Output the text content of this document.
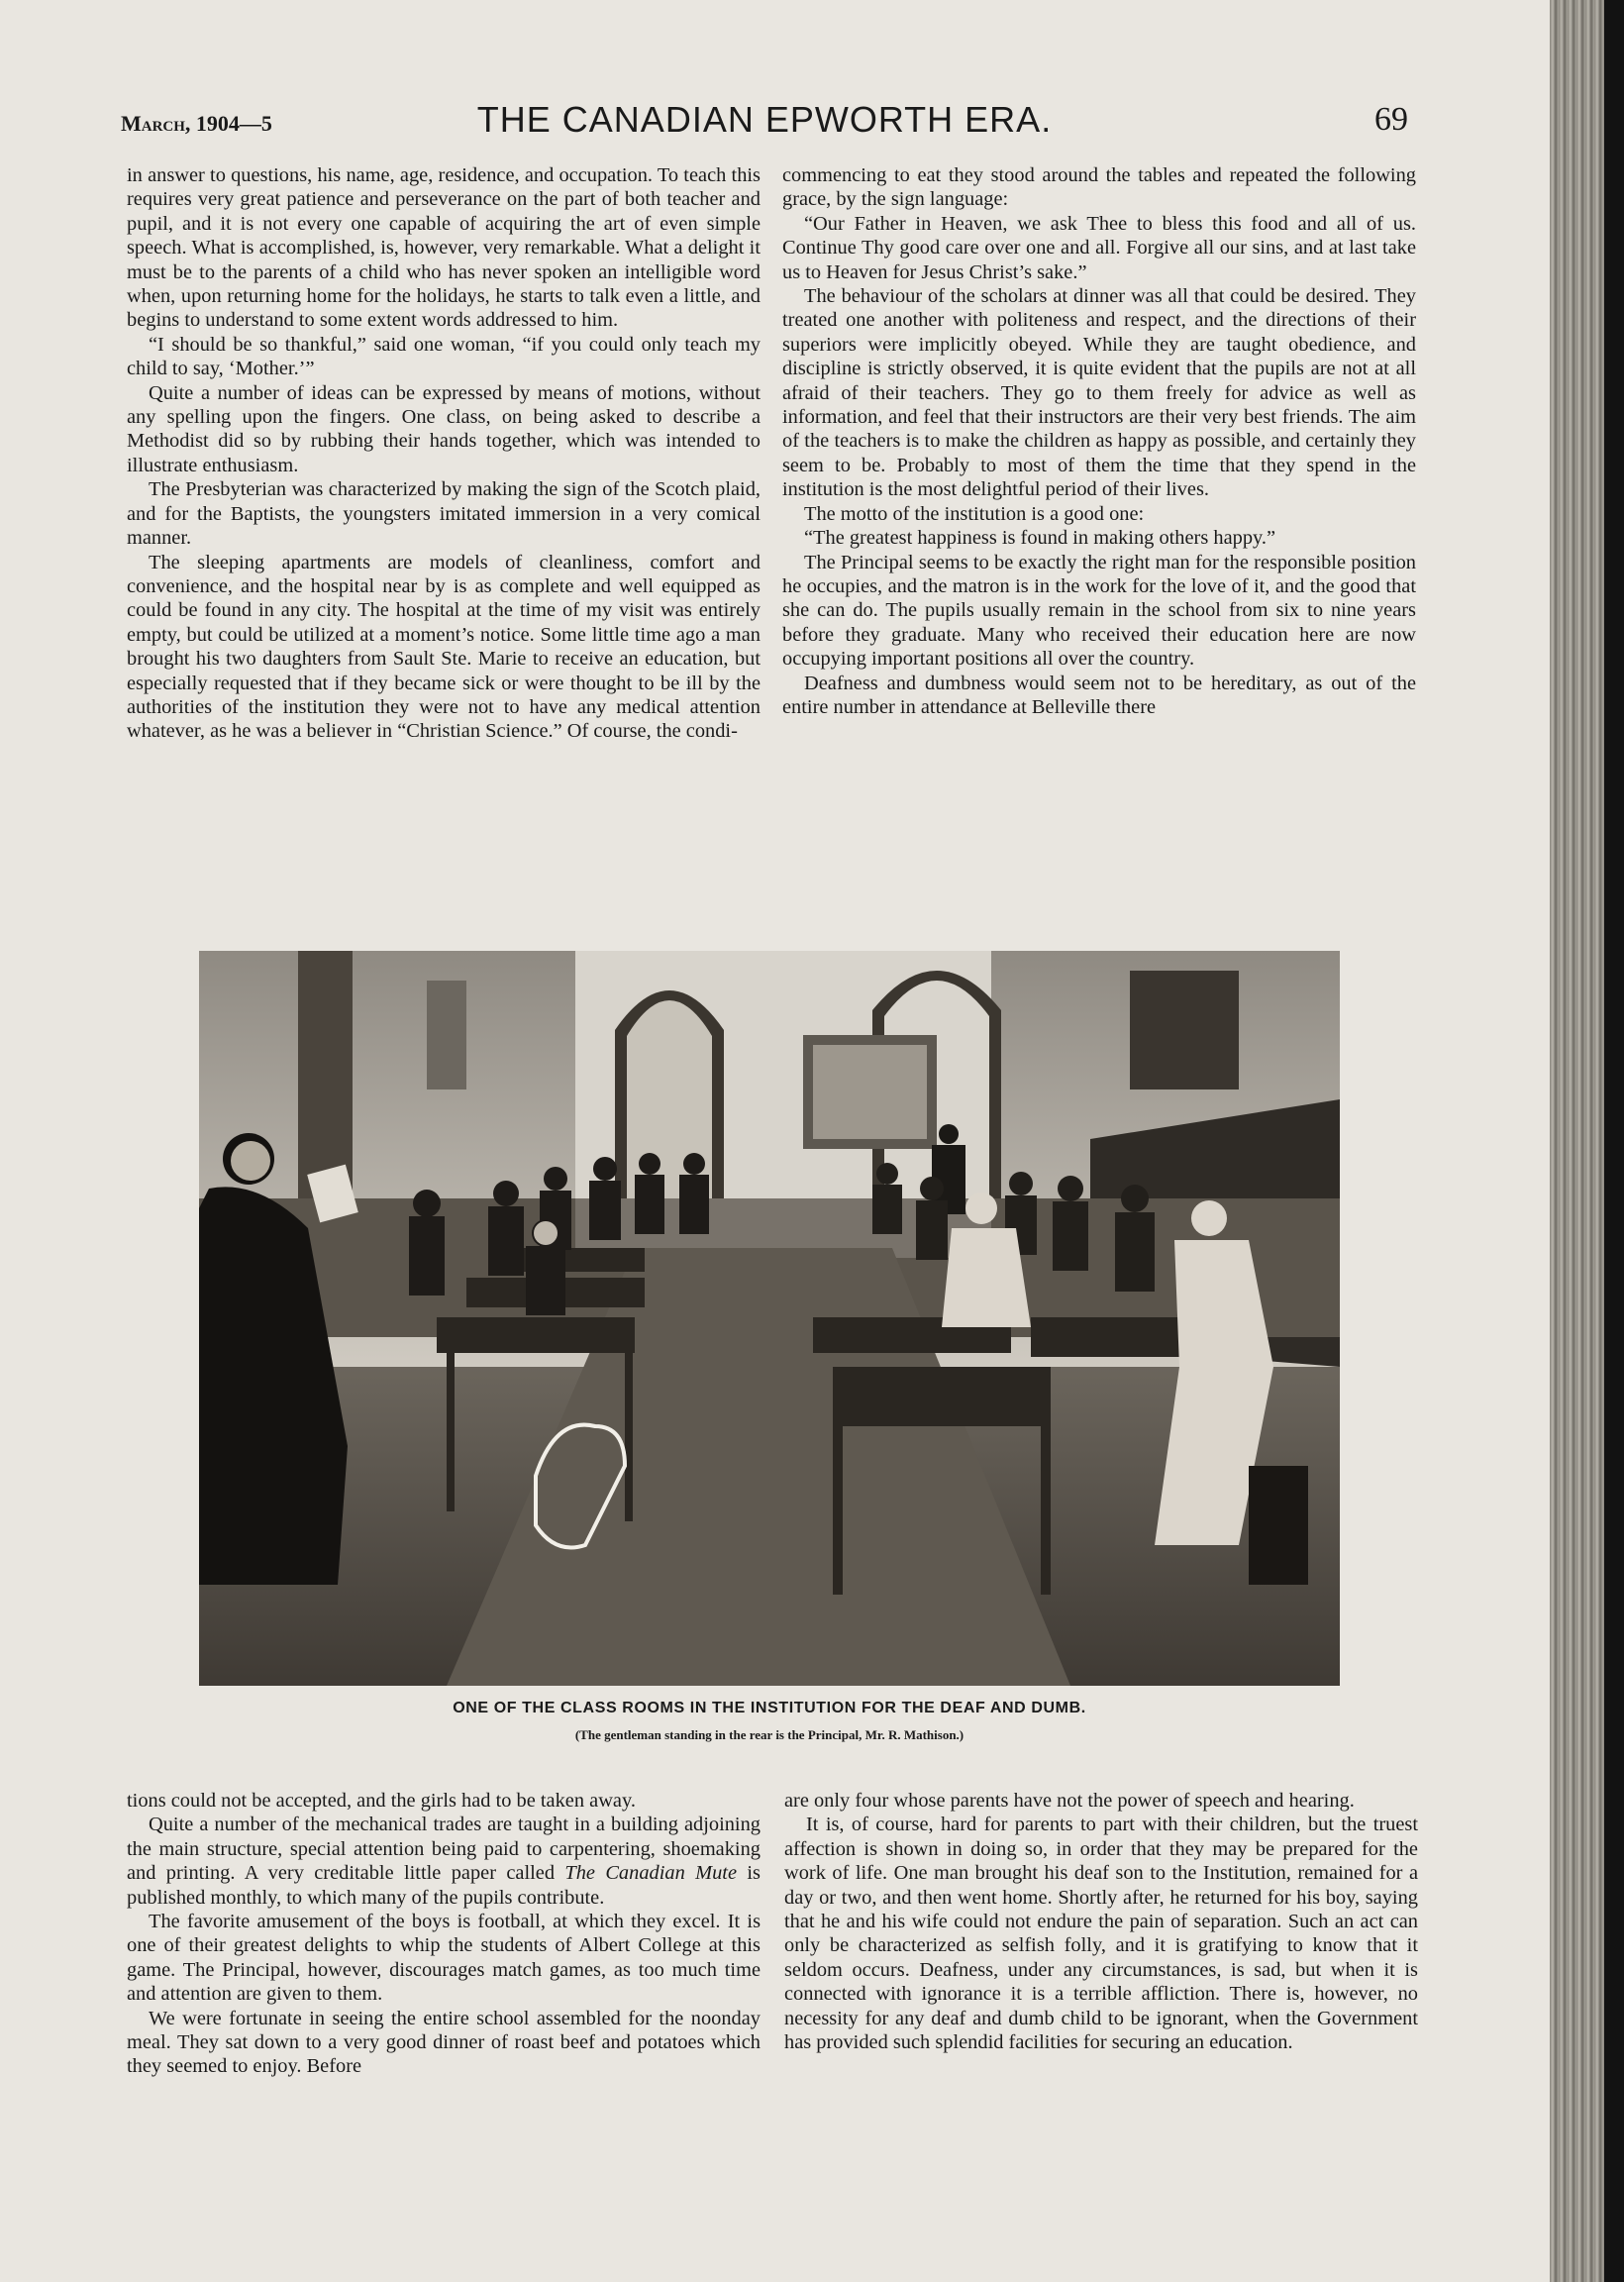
March, 1904—5	THE CANADIAN EPWORTH ERA.	69

in answer to questions, his name, age, residence, and occupation. To teach this requires very great patience and perseverance on the part of both teacher and pupil, and it is not every one capable of acquiring the art of even simple speech. What is accomplished, is, however, very remarkable. What a delight it must be to the parents of a child who has never spoken an intelligible word when, upon returning home for the holidays, he starts to talk even a little, and begins to understand to some extent words addressed to him.

“I should be so thankful,” said one woman, “if you could only teach my child to say, ‘Mother.’”

Quite a number of ideas can be expressed by means of motions, without any spelling upon the fingers. One class, on being asked to describe a Methodist did so by rubbing their hands together, which was intended to illustrate enthusiasm.

The Presbyterian was characterized by making the sign of the Scotch plaid, and for the Baptists, the youngsters imitated immersion in a very comical manner.

The sleeping apartments are models of cleanliness, comfort and convenience, and the hospital near by is as complete and well equipped as could be found in any city. The hospital at the time of my visit was entirely empty, but could be utilized at a moment’s notice. Some little time ago a man brought his two daughters from Sault Ste. Marie to receive an education, but especially requested that if they became sick or were thought to be ill by the authorities of the institution they were not to have any medical attention whatever, as he was a believer in “Christian Science.” Of course, the condi-

commencing to eat they stood around the tables and repeated the following grace, by the sign language:

“Our Father in Heaven, we ask Thee to bless this food and all of us. Continue Thy good care over one and all. Forgive all our sins, and at last take us to Heaven for Jesus Christ’s sake.”

The behaviour of the scholars at dinner was all that could be desired. They treated one another with politeness and respect, and the directions of their superiors were implicitly obeyed. While they are taught obedience, and discipline is strictly observed, it is quite evident that the pupils are not at all afraid of their teachers. They go to them freely for advice as well as information, and feel that their instructors are their very best friends. The aim of the teachers is to make the children as happy as possible, and certainly they seem to be. Probably to most of them the time that they spend in the institution is the most delightful period of their lives.

The motto of the institution is a good one:

“The greatest happiness is found in making others happy.”

The Principal seems to be exactly the right man for the responsible position he occupies, and the matron is in the work for the love of it, and the good that she can do. The pupils usually remain in the school from six to nine years before they graduate. Many who received their education here are now occupying important positions all over the country.

Deafness and dumbness would seem not to be hereditary, as out of the entire number in attendance at Belleville there

ONE OF THE CLASS ROOMS IN THE INSTITUTION FOR THE DEAF AND DUMB.
(The gentleman standing in the rear is the Principal, Mr. R. Mathison.)

tions could not be accepted, and the girls had to be taken away.

Quite a number of the mechanical trades are taught in a building adjoining the main structure, special attention being paid to carpentering, shoemaking and printing. A very creditable little paper called The Canadian Mute is published monthly, to which many of the pupils contribute.

The favorite amusement of the boys is football, at which they excel. It is one of their greatest delights to whip the students of Albert College at this game. The Principal, however, discourages match games, as too much time and attention are given to them.

We were fortunate in seeing the entire school assembled for the noonday meal. They sat down to a very good dinner of roast beef and potatoes which they seemed to enjoy. Before

are only four whose parents have not the power of speech and hearing.

It is, of course, hard for parents to part with their children, but the truest affection is shown in doing so, in order that they may be prepared for the work of life. One man brought his deaf son to the Institution, remained for a day or two, and then went home. Shortly after, he returned for his boy, saying that he and his wife could not endure the pain of separation. Such an act can only be characterized as selfish folly, and it is gratifying to know that it seldom occurs. Deafness, under any circumstances, is sad, but when it is connected with ignorance it is a terrible affliction. There is, however, no necessity for any deaf and dumb child to be ignorant, when the Government has provided such splendid facilities for securing an education.
